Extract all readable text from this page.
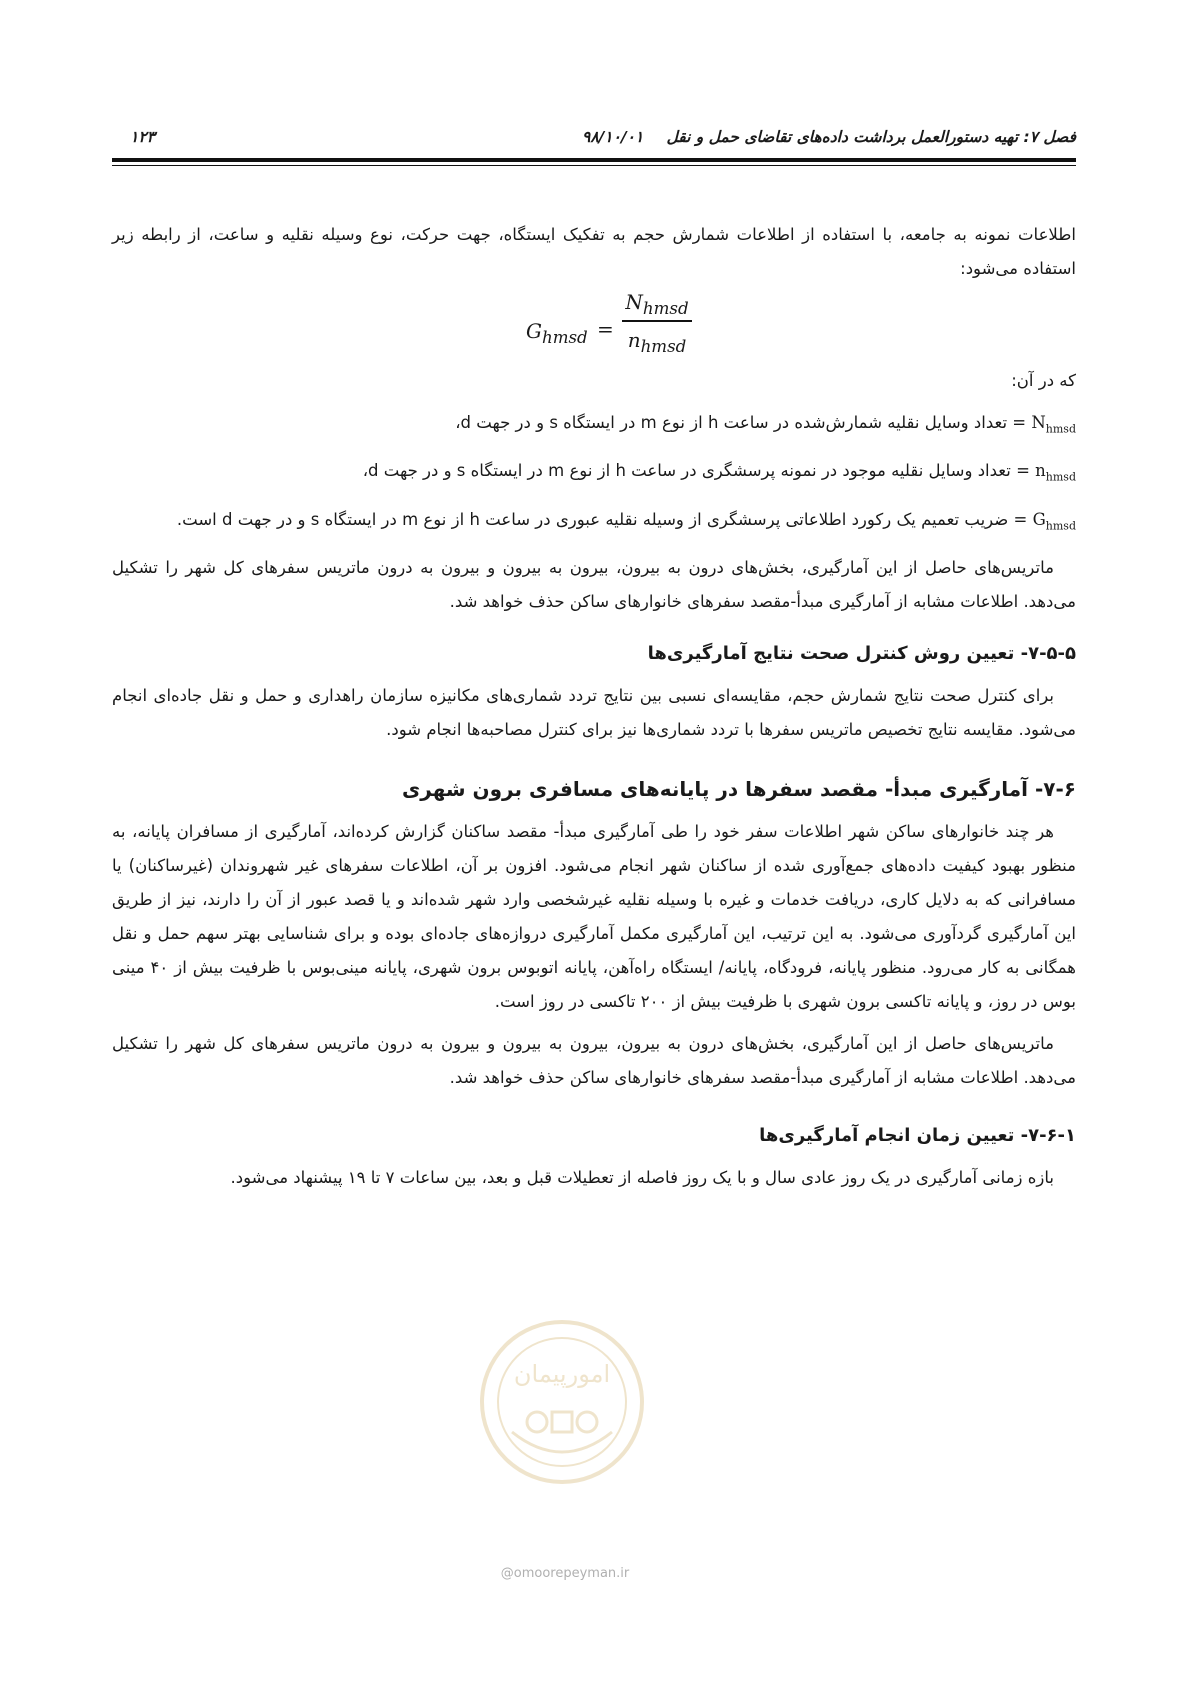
فصل ۷: تهیه دستورالعمل برداشت داده‌های تقاضای حمل و نقل
۹۸/۱۰/۰۱
۱۲۳

اطلاعات نمونه به جامعه، با استفاده از اطلاعات شمارش حجم به تفکیک ایستگاه، جهت حرکت، نوع وسیله نقلیه و ساعت، از رابطه زیر استفاده می‌شود:

$G_{hmsd}$ =
$N_{hmsd}$
$n_{hmsd}$

که در آن:

$N_{hmsd}$ = تعداد وسایل نقلیه شمارش‌شده در ساعت h از نوع m در ایستگاه s و در جهت d،

$n_{hmsd}$ = تعداد وسایل نقلیه موجود در نمونه پرسشگری در ساعت h از نوع m در ایستگاه s و در جهت d،

$G_{hmsd}$ = ضریب تعمیم یک رکورد اطلاعاتی پرسشگری از وسیله نقلیه عبوری در ساعت h از نوع m در ایستگاه s و در جهت d است.

ماتریس‌های حاصل از این آمارگیری، بخش‌های درون به بیرون، بیرون به بیرون و بیرون به درون ماتریس سفرهای کل شهر را تشکیل می‌دهد. اطلاعات مشابه از آمارگیری مبدأ-مقصد سفرهای خانوارهای ساکن حذف خواهد شد.

۷-۵-۵- تعیین روش کنترل صحت نتایج آمارگیری‌ها

برای کنترل صحت نتایج شمارش حجم، مقایسه‌ای نسبی بین نتایج تردد شماری‌های مکانیزه سازمان راهداری و حمل و نقل جاده‌ای انجام می‌شود. مقایسه نتایج تخصیص ماتریس سفرها با تردد شماری‌ها نیز برای کنترل مصاحبه‌ها انجام شود.

۷-۶- آمارگیری مبدأ- مقصد سفرها در پایانه‌های مسافری برون شهری

هر چند خانوارهای ساکن شهر اطلاعات سفر خود را طی آمارگیری مبدأ- مقصد ساکنان گزارش کرده‌اند، آمارگیری از مسافران پایانه، به منظور بهبود کیفیت داده‌های جمع‌آوری شده از ساکنان شهر انجام می‌شود. افزون بر آن، اطلاعات سفرهای غیر شهروندان (غیرساکنان) یا مسافرانی که به دلایل کاری، دریافت خدمات و غیره با وسیله نقلیه غیرشخصی وارد شهر شده‌اند و یا قصد عبور از آن را دارند، نیز از طریق این آمارگیری گردآوری می‌شود. به این ترتیب، این آمارگیری مکمل آمارگیری دروازه‌های جاده‌ای بوده و برای شناسایی بهتر سهم حمل و نقل همگانی به کار می‌رود. منظور پایانه، فرودگاه، پایانه/ ایستگاه راه‌آهن، پایانه اتوبوس برون شهری، پایانه مینی‌بوس با ظرفیت بیش از ۴۰ مینی بوس در روز، و پایانه تاکسی برون شهری با ظرفیت بیش از ۲۰۰ تاکسی در روز است.

ماتریس‌های حاصل از این آمارگیری، بخش‌های درون به بیرون، بیرون به بیرون و بیرون به درون ماتریس سفرهای کل شهر را تشکیل می‌دهد. اطلاعات مشابه از آمارگیری مبدأ-مقصد سفرهای خانوارهای ساکن حذف خواهد شد.

۷-۶-۱- تعیین زمان انجام آمارگیری‌ها

بازه زمانی آمارگیری در یک روز عادی سال و با یک روز فاصله از تعطیلات قبل و بعد، بین ساعات ۷ تا ۱۹ پیشنهاد می‌شود.

امورپیمان
@omoorepeyman.ir
